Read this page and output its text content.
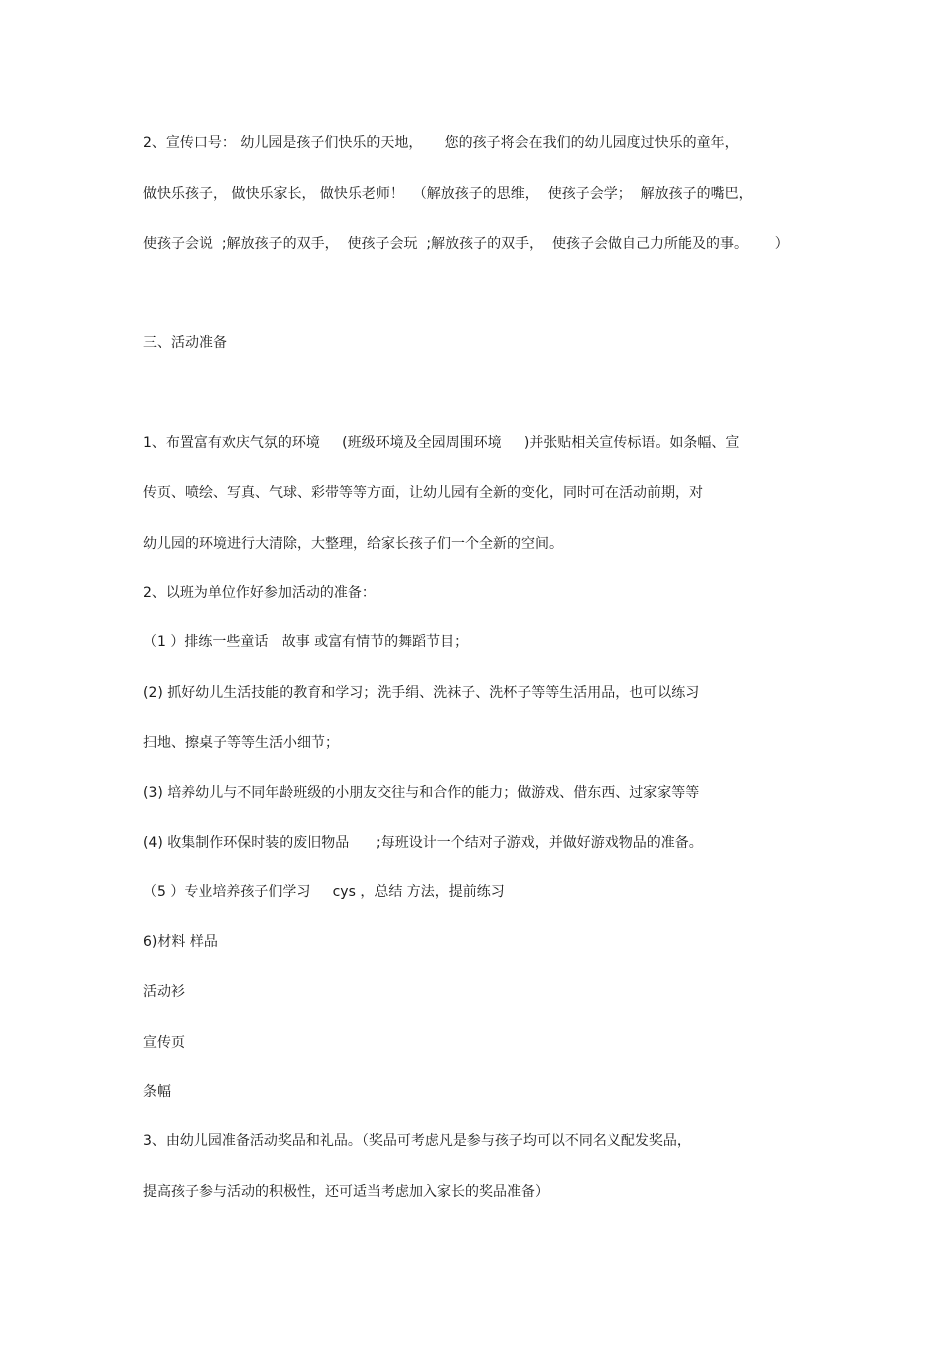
2、宣传口号： 幼儿园是孩子们快乐的天地，     您的孩子将会在我们的幼儿园度过快乐的童年，

做快乐孩子， 做快乐家长， 做快乐老师！  （解放孩子的思维，  使孩子会学；  解放孩子的嘴巴，

使孩子会说  ;解放孩子的双手，  使孩子会玩  ;解放孩子的双手，  使孩子会做自己力所能及的事。      ）

三、活动准备

1、布置富有欢庆气氛的环境     (班级环境及全园周围环境     )并张贴相关宣传标语。如条幅、宣

传页、喷绘、写真、气球、彩带等等方面，让幼儿园有全新的变化，同时可在活动前期，对

幼儿园的环境进行大清除，大整理，给家长孩子们一个全新的空间。

2、以班为单位作好参加活动的准备：

（1 ）排练一些童话   故事 或富有情节的舞蹈节目；

(2) 抓好幼儿生活技能的教育和学习；洗手绢、洗袜子、洗杯子等等生活用品，也可以练习

扫地、擦桌子等等生活小细节；

(3) 培养幼儿与不同年龄班级的小朋友交往与和合作的能力；做游戏、借东西、过家家等等

(4) 收集制作环保时装的废旧物品      ;每班设计一个结对子游戏，并做好游戏物品的准备。

（5 ）专业培养孩子们学习     cys ，总结 方法，提前练习

6)材料 样品

活动衫

宣传页

条幅

3、由幼儿园准备活动奖品和礼品。（奖品可考虑凡是参与孩子均可以不同名义配发奖品，

提高孩子参与活动的积极性，还可适当考虑加入家长的奖品准备）
